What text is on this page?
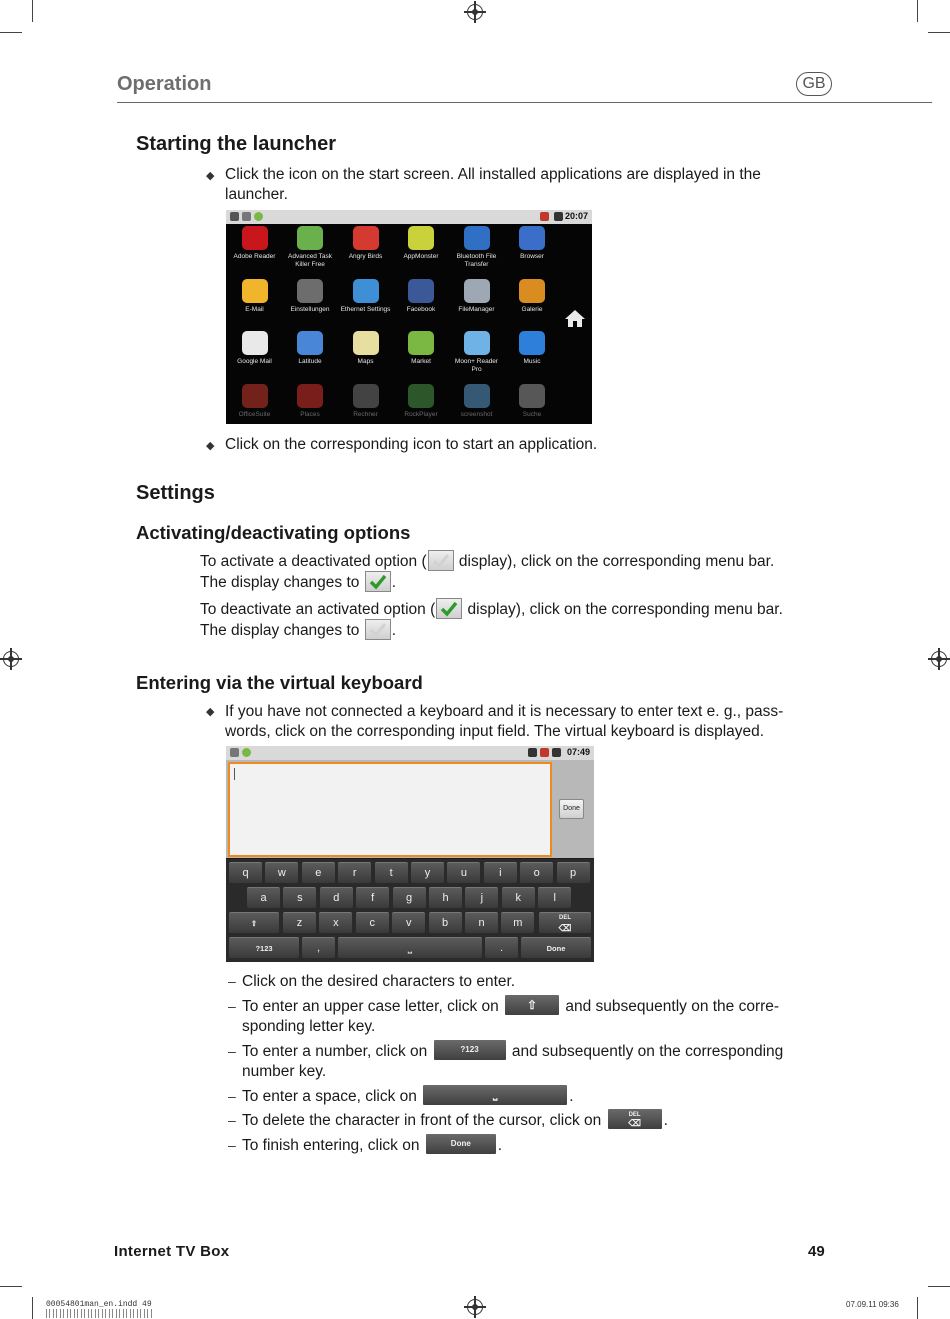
Operation	GB
Starting the launcher
◆ Click the icon on the start screen. All installed applications are displayed in the
launcher.
20:07
Adobe Reader	Advanced Task Killer Free
Angry Birds	AppMonster	Bluetooth File Transfer
Browser
E-Mail	Einstellungen	Ethernet Settings	Facebook	FileManager	Galerie
Google Mail	Latitude	Maps	Market	Moon+ Reader Pro
Music
OfficeSuite	Places	Rechner	RockPlayer	screenshot	Suche
◆ Click on the corresponding icon to start an application.
Settings
Activating/deactivating options
To activate a deactivated option (
display), click on the corresponding menu bar.
The display changes to
.
To deactivate an activated option (
display), click on the corresponding menu bar.
The display changes to
.
Entering via the virtual keyboard
◆ If you have not connected a keyboard and it is necessary to enter text e. g., pass-
words, click on the corresponding input field. The virtual keyboard is displayed.
07:49
Done
q	w	e	r	t	y	u	i	o	p
a	s	d	f	g	h	j	k	l
⇧	z	x	c	v	b	n	m	DEL
⌫
?123	,	⎵	.	Done
– Click on the desired characters to enter.
– To enter an upper case letter, click on ⇧ and subsequently on the corre-
sponding letter key.
– To enter a number, click on	?123 and subsequently on the corresponding
number key.
– To enter a space, click on	⎵	.
– To delete the character in front of the cursor, click on	DEL
⌫	.
– To finish entering, click on	Done .
Internet TV Box	49
00054801man_en.indd 49	07.09.11 09:36
